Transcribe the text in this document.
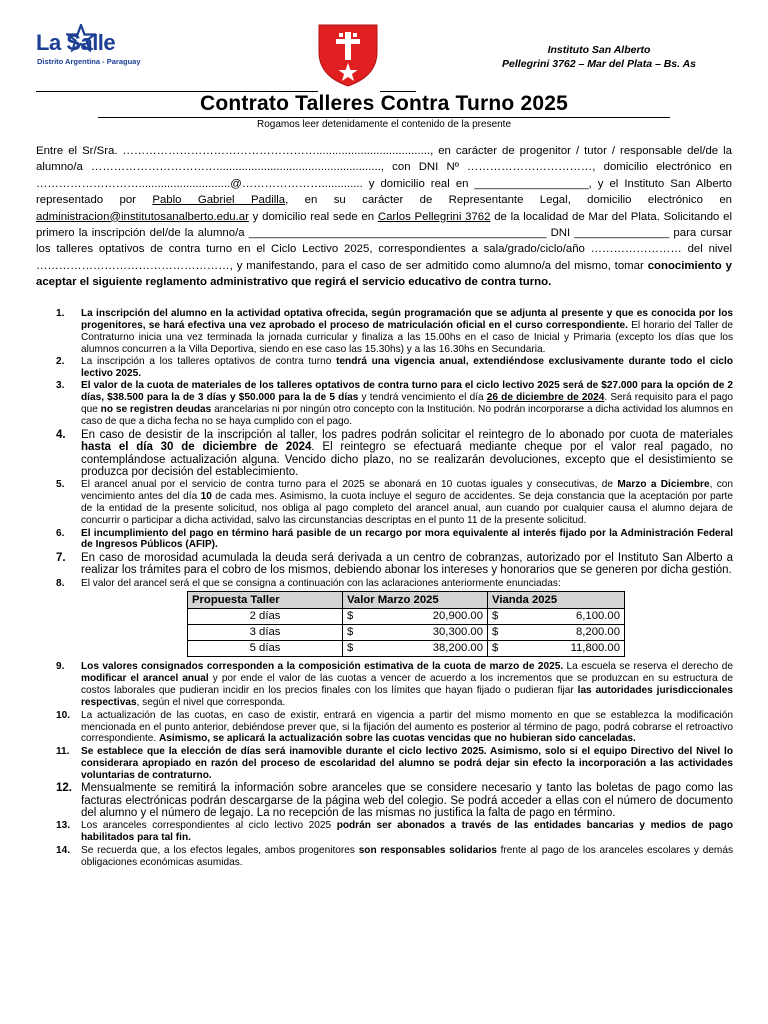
La Salle
Distrito Argentina - Paraguay
Instituto San Alberto
Pellegrini 3762 – Mar del Plata – Bs. As
Contrato Talleres Contra Turno 2025
Rogamos leer detenidamente el contenido de la presente

Entre el Sr/Sra. ……………………………………………...................................., en carácter de progenitor / tutor / responsable del/de la alumno/a ……………………………...................................................., con DNI Nº ……………………………, domicilio electrónico en ……………………….............................@…………………............. y domicilio real en __________________, y el Instituto San Alberto representado por Pablo Gabriel Padilla, en su carácter de Representante Legal, domicilio electrónico en administracion@institutosanalberto.edu.ar y domicilio real sede en Carlos Pellegrini 3762 de la localidad de Mar del Plata. Solicitando el primero la inscripción del/de la alumno/a _______________________________________________ DNI _______________ para cursar los talleres optativos de contra turno en el Ciclo Lectivo 2025, correspondientes a sala/grado/ciclo/año …………………… del nivel ……………………………………………, y manifestando, para el caso de ser admitido como alumno/a del mismo, tomar conocimiento y aceptar el siguiente reglamento administrativo que regirá el servicio educativo de contra turno.

1. La inscripción del alumno en la actividad optativa ofrecida, según programación que se adjunta al presente y que es conocida por los progenitores, se hará efectiva una vez aprobado el proceso de matriculación oficial en el curso correspondiente. El horario del Taller de Contraturno inicia una vez terminada la jornada curricular y finaliza a las 15.00hs en el caso de Inicial y Primaria (excepto los días que los alumnos concurren a la Villa Deportiva, siendo en ese caso las 15.30hs) y a las 16.30hs en Secundaria.
2. La inscripción a los talleres optativos de contra turno tendrá una vigencia anual, extendiéndose exclusivamente durante todo el ciclo lectivo 2025.
3. El valor de la cuota de materiales de los talleres optativos de contra turno para el ciclo lectivo 2025 será de $27.000 para la opción de 2 días, $38.500 para la de 3 días y $50.000 para la de 5 días y tendrá vencimiento el día 26 de diciembre de 2024. Será requisito para el pago que no se registren deudas arancelarias ni por ningún otro concepto con la Institución. No podrán incorporarse a dicha actividad los alumnos en caso de que a dicha fecha no se haya cumplido con el pago.
4. En caso de desistir de la inscripción al taller, los padres podrán solicitar el reintegro de lo abonado por cuota de materiales hasta el día 30 de diciembre de 2024. El reintegro se efectuará mediante cheque por el valor real pagado, no contemplándose actualización alguna. Vencido dicho plazo, no se realizarán devoluciones, excepto que el desistimiento se produzca por decisión del establecimiento.
5. El arancel anual por el servicio de contra turno para el 2025 se abonará en 10 cuotas iguales y consecutivas, de Marzo a Diciembre, con vencimiento antes del día 10 de cada mes. Asimismo, la cuota incluye el seguro de accidentes. Se deja constancia que la aceptación por parte de la entidad de la presente solicitud, nos obliga al pago completo del arancel anual, aun cuando por cualquier causa el alumno dejara de concurrir o participar a dicha actividad, salvo las circunstancias descriptas en el punto 11 de la presente solicitud.
6. El incumplimiento del pago en término hará pasible de un recargo por mora equivalente al interés fijado por la Administración Federal de Ingresos Públicos (AFIP).
7. En caso de morosidad acumulada la deuda será derivada a un centro de cobranzas, autorizado por el Instituto San Alberto a realizar los trámites para el cobro de los mismos, debiendo abonar los intereses y honorarios que se generen por dicha gestión.
8. El valor del arancel será el que se consigna a continuación con las aclaraciones anteriormente enunciadas:
Propuesta Taller	Valor Marzo 2025	Vianda 2025
2 días	$ 20,900.00	$ 6,100.00

3 días	$ 30,300.00	$ 8,200.00

5 días	$ 38,200.00	$ 11,800.00
9. Los valores consignados corresponden a la composición estimativa de la cuota de marzo de 2025. La escuela se reserva el derecho de modificar el arancel anual y por ende el valor de las cuotas a vencer de acuerdo a los incrementos que se produzcan en su estructura de costos laborales que pudieran incidir en los precios finales con los límites que hayan fijado o pudieran fijar las autoridades jurisdiccionales respectivas, según el nivel que corresponda.
10. La actualización de las cuotas, en caso de existir, entrará en vigencia a partir del mismo momento en que se establezca la modificación mencionada en el punto anterior, debiéndose prever que, si la fijación del aumento es posterior al término de pago, podrá cobrarse el retroactivo correspondiente. Asimismo, se aplicará la actualización sobre las cuotas vencidas que no hubieran sido canceladas.
11. Se establece que la elección de días será inamovible durante el ciclo lectivo 2025. Asimismo, solo si el equipo Directivo del Nivel lo considerara apropiado en razón del proceso de escolaridad del alumno se podrá dejar sin efecto la incorporación a las actividades voluntarias de contraturno.
12. Mensualmente se remitirá la información sobre aranceles que se considere necesario y tanto las boletas de pago como las facturas electrónicas podrán descargarse de la página web del colegio. Se podrá acceder a ellas con el número de documento del alumno y el número de legajo. La no recepción de las mismas no justifica la falta de pago en término.
13. Los aranceles correspondientes al ciclo lectivo 2025 podrán ser abonados a través de las entidades bancarias y medios de pago habilitados para tal fin.
14. Se recuerda que, a los efectos legales, ambos progenitores son responsables solidarios frente al pago de los aranceles escolares y demás obligaciones económicas asumidas.
